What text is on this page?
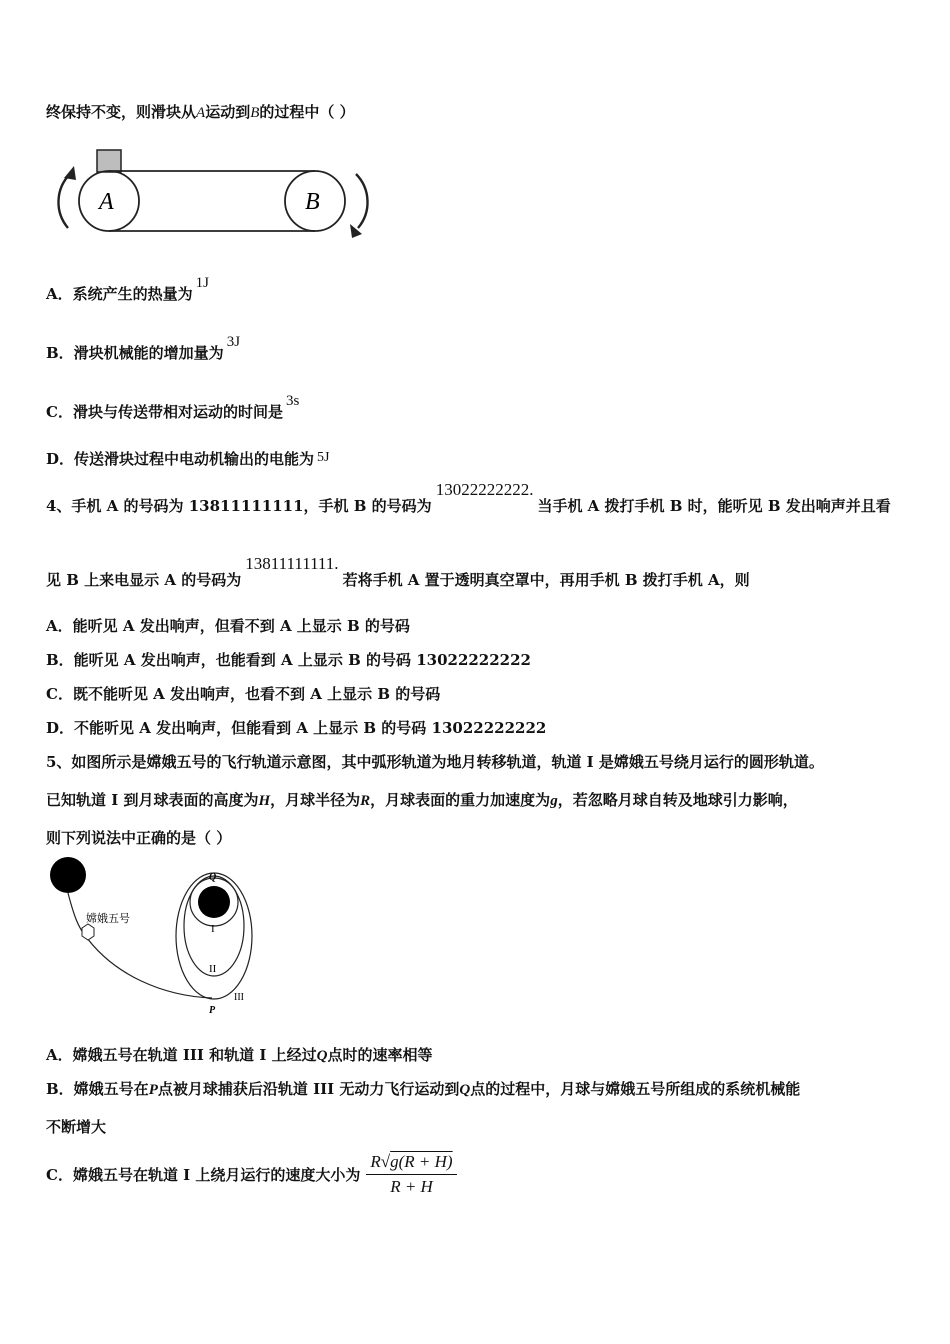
终保持不变，则滑块从A运动到B的过程中（ ）
A	B
A．系统产生的热量为1J
B．滑块机械能的增加量为3J
C．滑块与传送带相对运动的时间是3s
D．传送滑块过程中电动机输出的电能为 5J
4、手机 A 的号码为 13811111111，手机 B 的号码为13022222222.当手机 A 拨打手机 B 时，能听见 B 发出响声并且看
见 B 上来电显示 A 的号码为13811111111.若将手机 A 置于透明真空罩中，再用手机 B 拨打手机 A，则
A．能听见 A 发出响声，但看不到 A 上显示 B 的号码
B．能听见 A 发出响声，也能看到 A 上显示 B 的号码 13022222222
C．既不能听见 A 发出响声，也看不到 A 上显示 B 的号码
D．不能听见 A 发出响声，但能看到 A 上显示 B 的号码 13022222222
5、如图所示是嫦娥五号的飞行轨道示意图，其中弧形轨道为地月转移轨道，轨道 I 是嫦娥五号绕月运行的圆形轨道。
已知轨道 I 到月球表面的高度为H，月球半径为R，月球表面的重力加速度为g，若忽略月球自转及地球引力影响，
则下列说法中正确的是（ ）
嫦娥五号
Q
I
II
III
P
A．嫦娥五号在轨道 III 和轨道 I 上经过Q点时的速率相等
B．嫦娥五号在P点被月球捕获后沿轨道 III 无动力飞行运动到Q点的过程中，月球与嫦娥五号所组成的系统机械能
不断增大
C．嫦娥五号在轨道 I 上绕月运行的速度大小为 $\frac{R√g(R + H)}{R + H}$
